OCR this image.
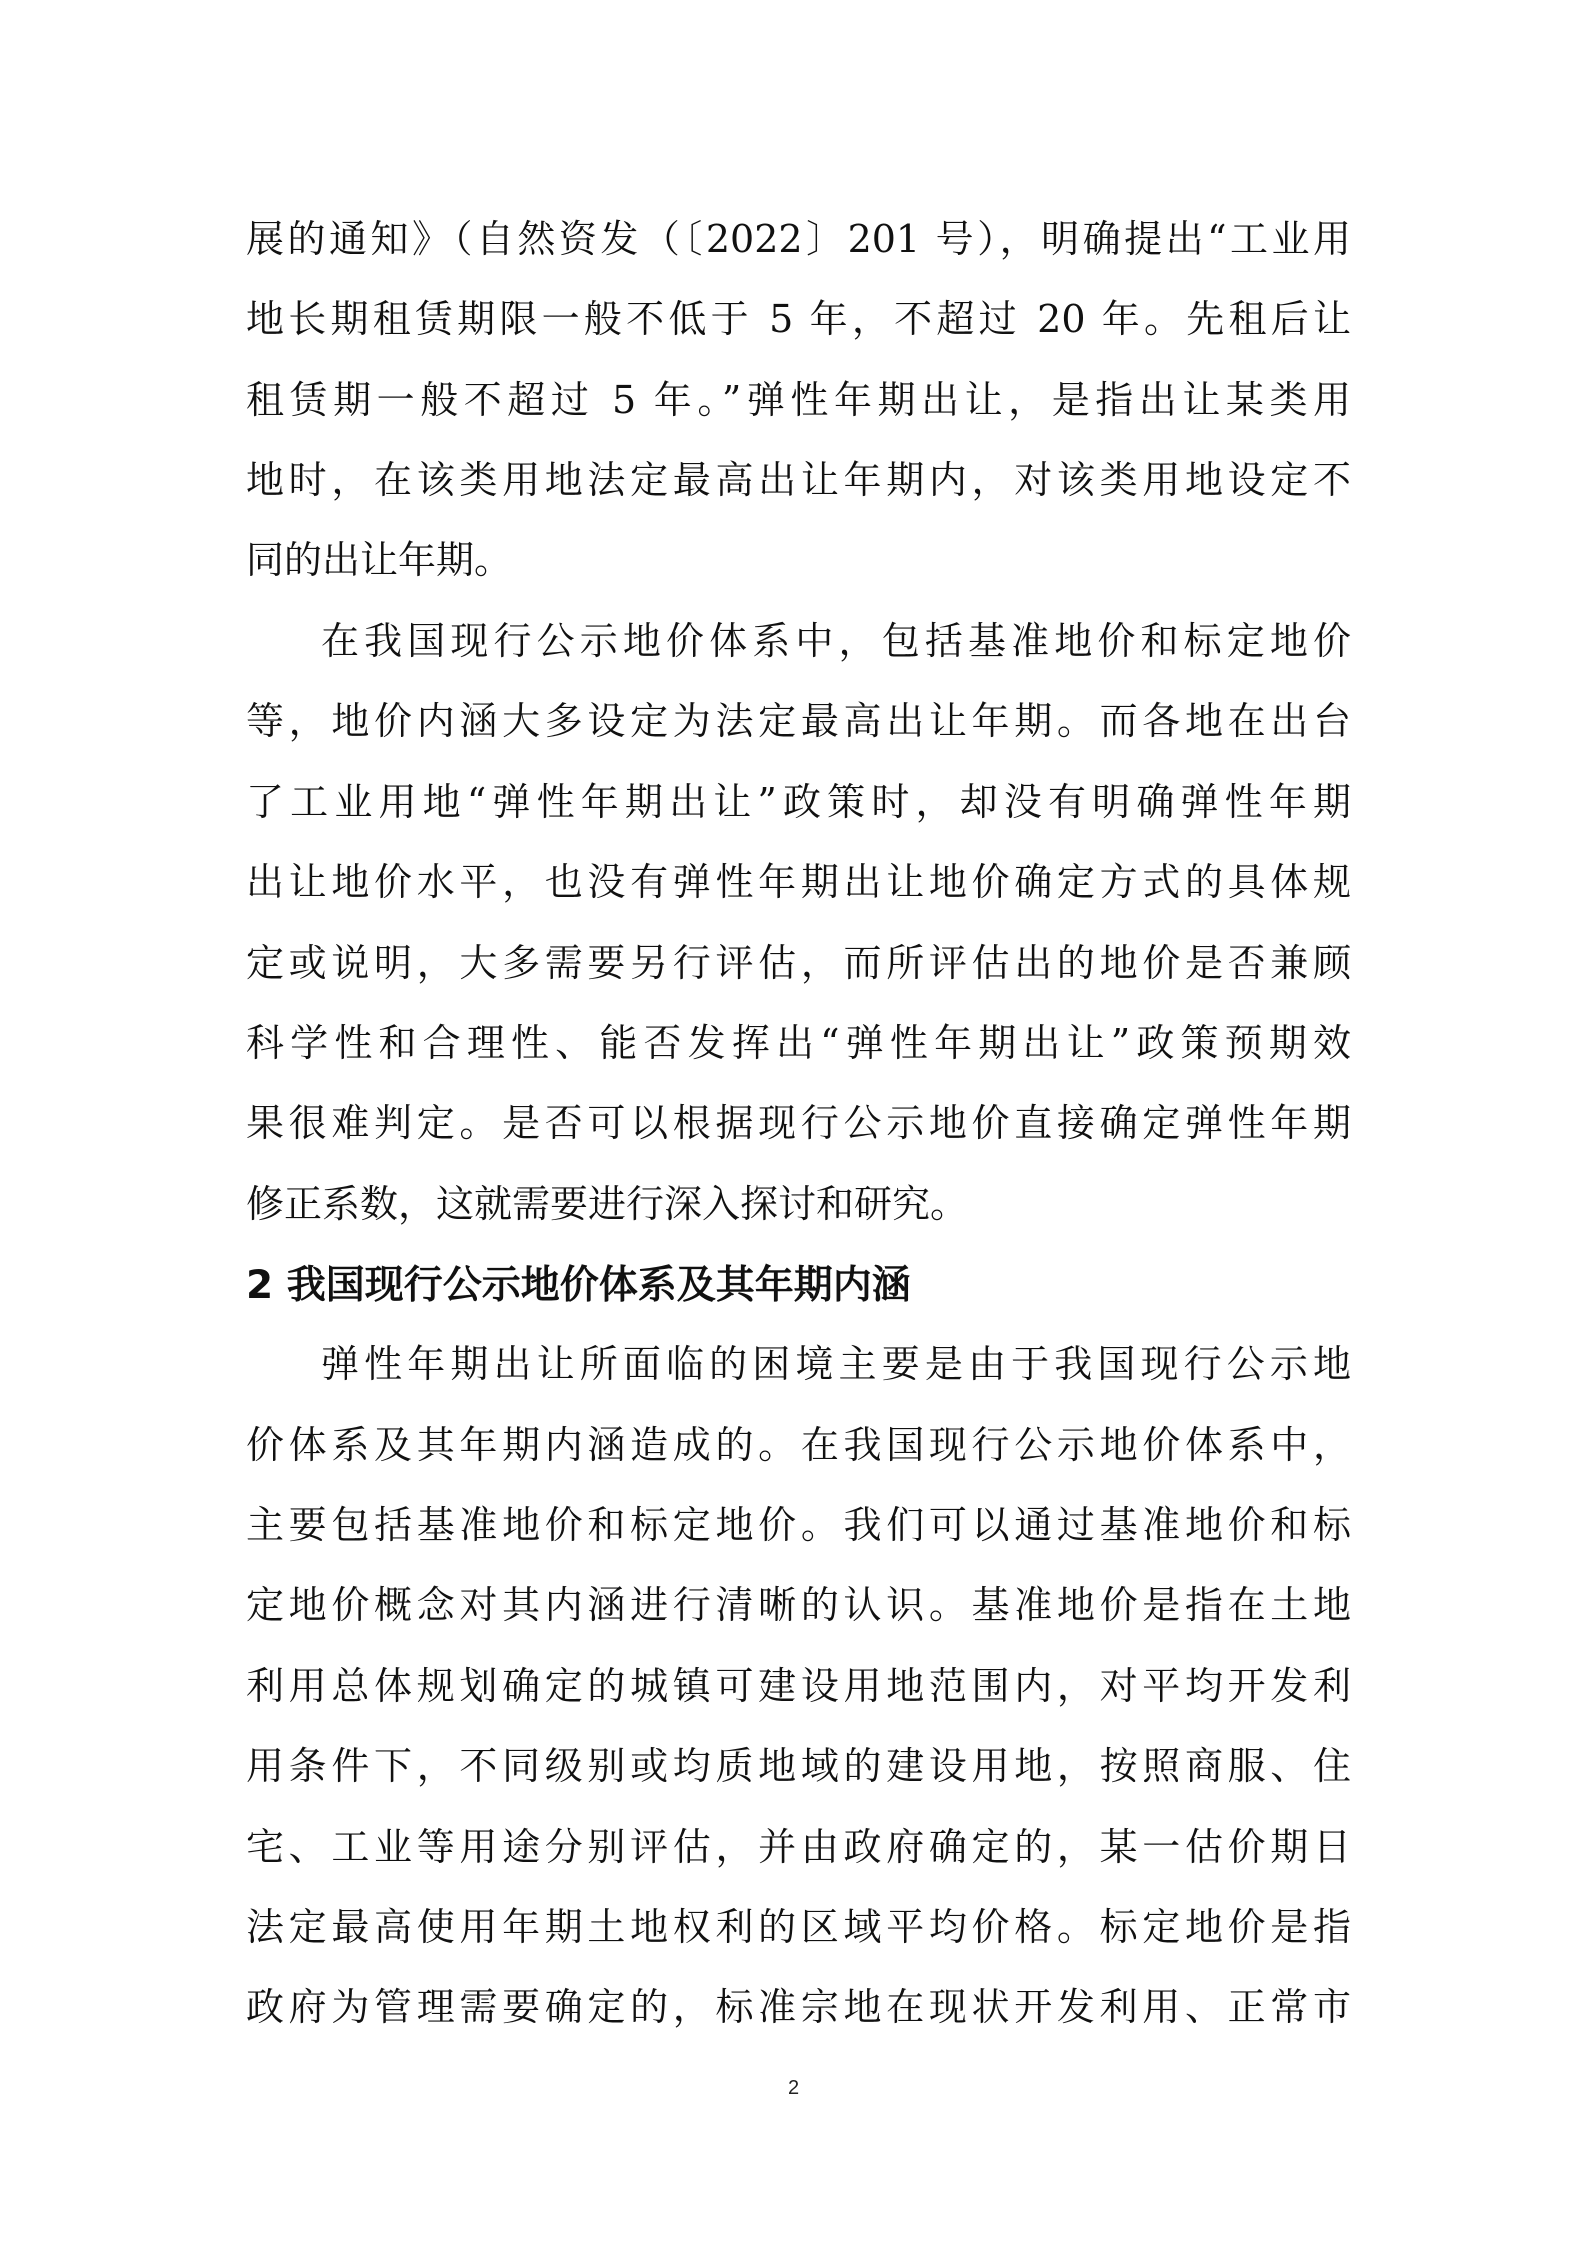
展的通知》（自然资发（〔2022〕201 号），明确提出“工业用
地长期租赁期限一般不低于 5 年，不超过 20 年。先租后让
租赁期一般不超过 5 年。”弹性年期出让，是指出让某类用
地时，在该类用地法定最高出让年期内，对该类用地设定不
同的出让年期。
在我国现行公示地价体系中，包括基准地价和标定地价
等，地价内涵大多设定为法定最高出让年期。而各地在出台
了工业用地“弹性年期出让”政策时，却没有明确弹性年期
出让地价水平，也没有弹性年期出让地价确定方式的具体规
定或说明，大多需要另行评估，而所评估出的地价是否兼顾
科学性和合理性、能否发挥出“弹性年期出让”政策预期效
果很难判定。是否可以根据现行公示地价直接确定弹性年期
修正系数，这就需要进行深入探讨和研究。
2 我国现行公示地价体系及其年期内涵
弹性年期出让所面临的困境主要是由于我国现行公示地
价体系及其年期内涵造成的。在我国现行公示地价体系中，
主要包括基准地价和标定地价。我们可以通过基准地价和标
定地价概念对其内涵进行清晰的认识。基准地价是指在土地
利用总体规划确定的城镇可建设用地范围内，对平均开发利
用条件下，不同级别或均质地域的建设用地，按照商服、住
宅、工业等用途分别评估，并由政府确定的，某一估价期日
法定最高使用年期土地权利的区域平均价格。标定地价是指
政府为管理需要确定的，标准宗地在现状开发利用、正常市
2
